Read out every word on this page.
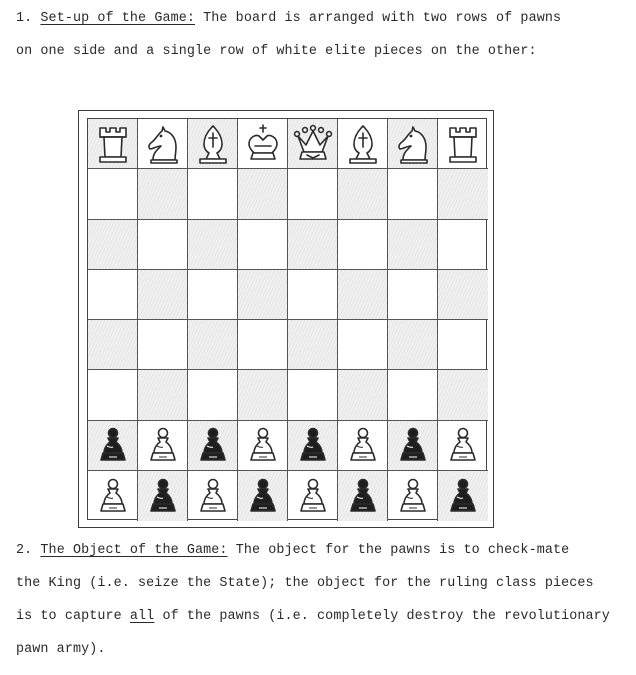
1. Set-up of the Game: The board is arranged with two rows of pawns
on one side and a single row of white elite pieces on the other:
2. The Object of the Game: The object for the pawns is to check-mate
the King (i.e. seize the State); the object for the ruling class pieces
is to capture all of the pawns (i.e. completely destroy the revolutionary
pawn army).
